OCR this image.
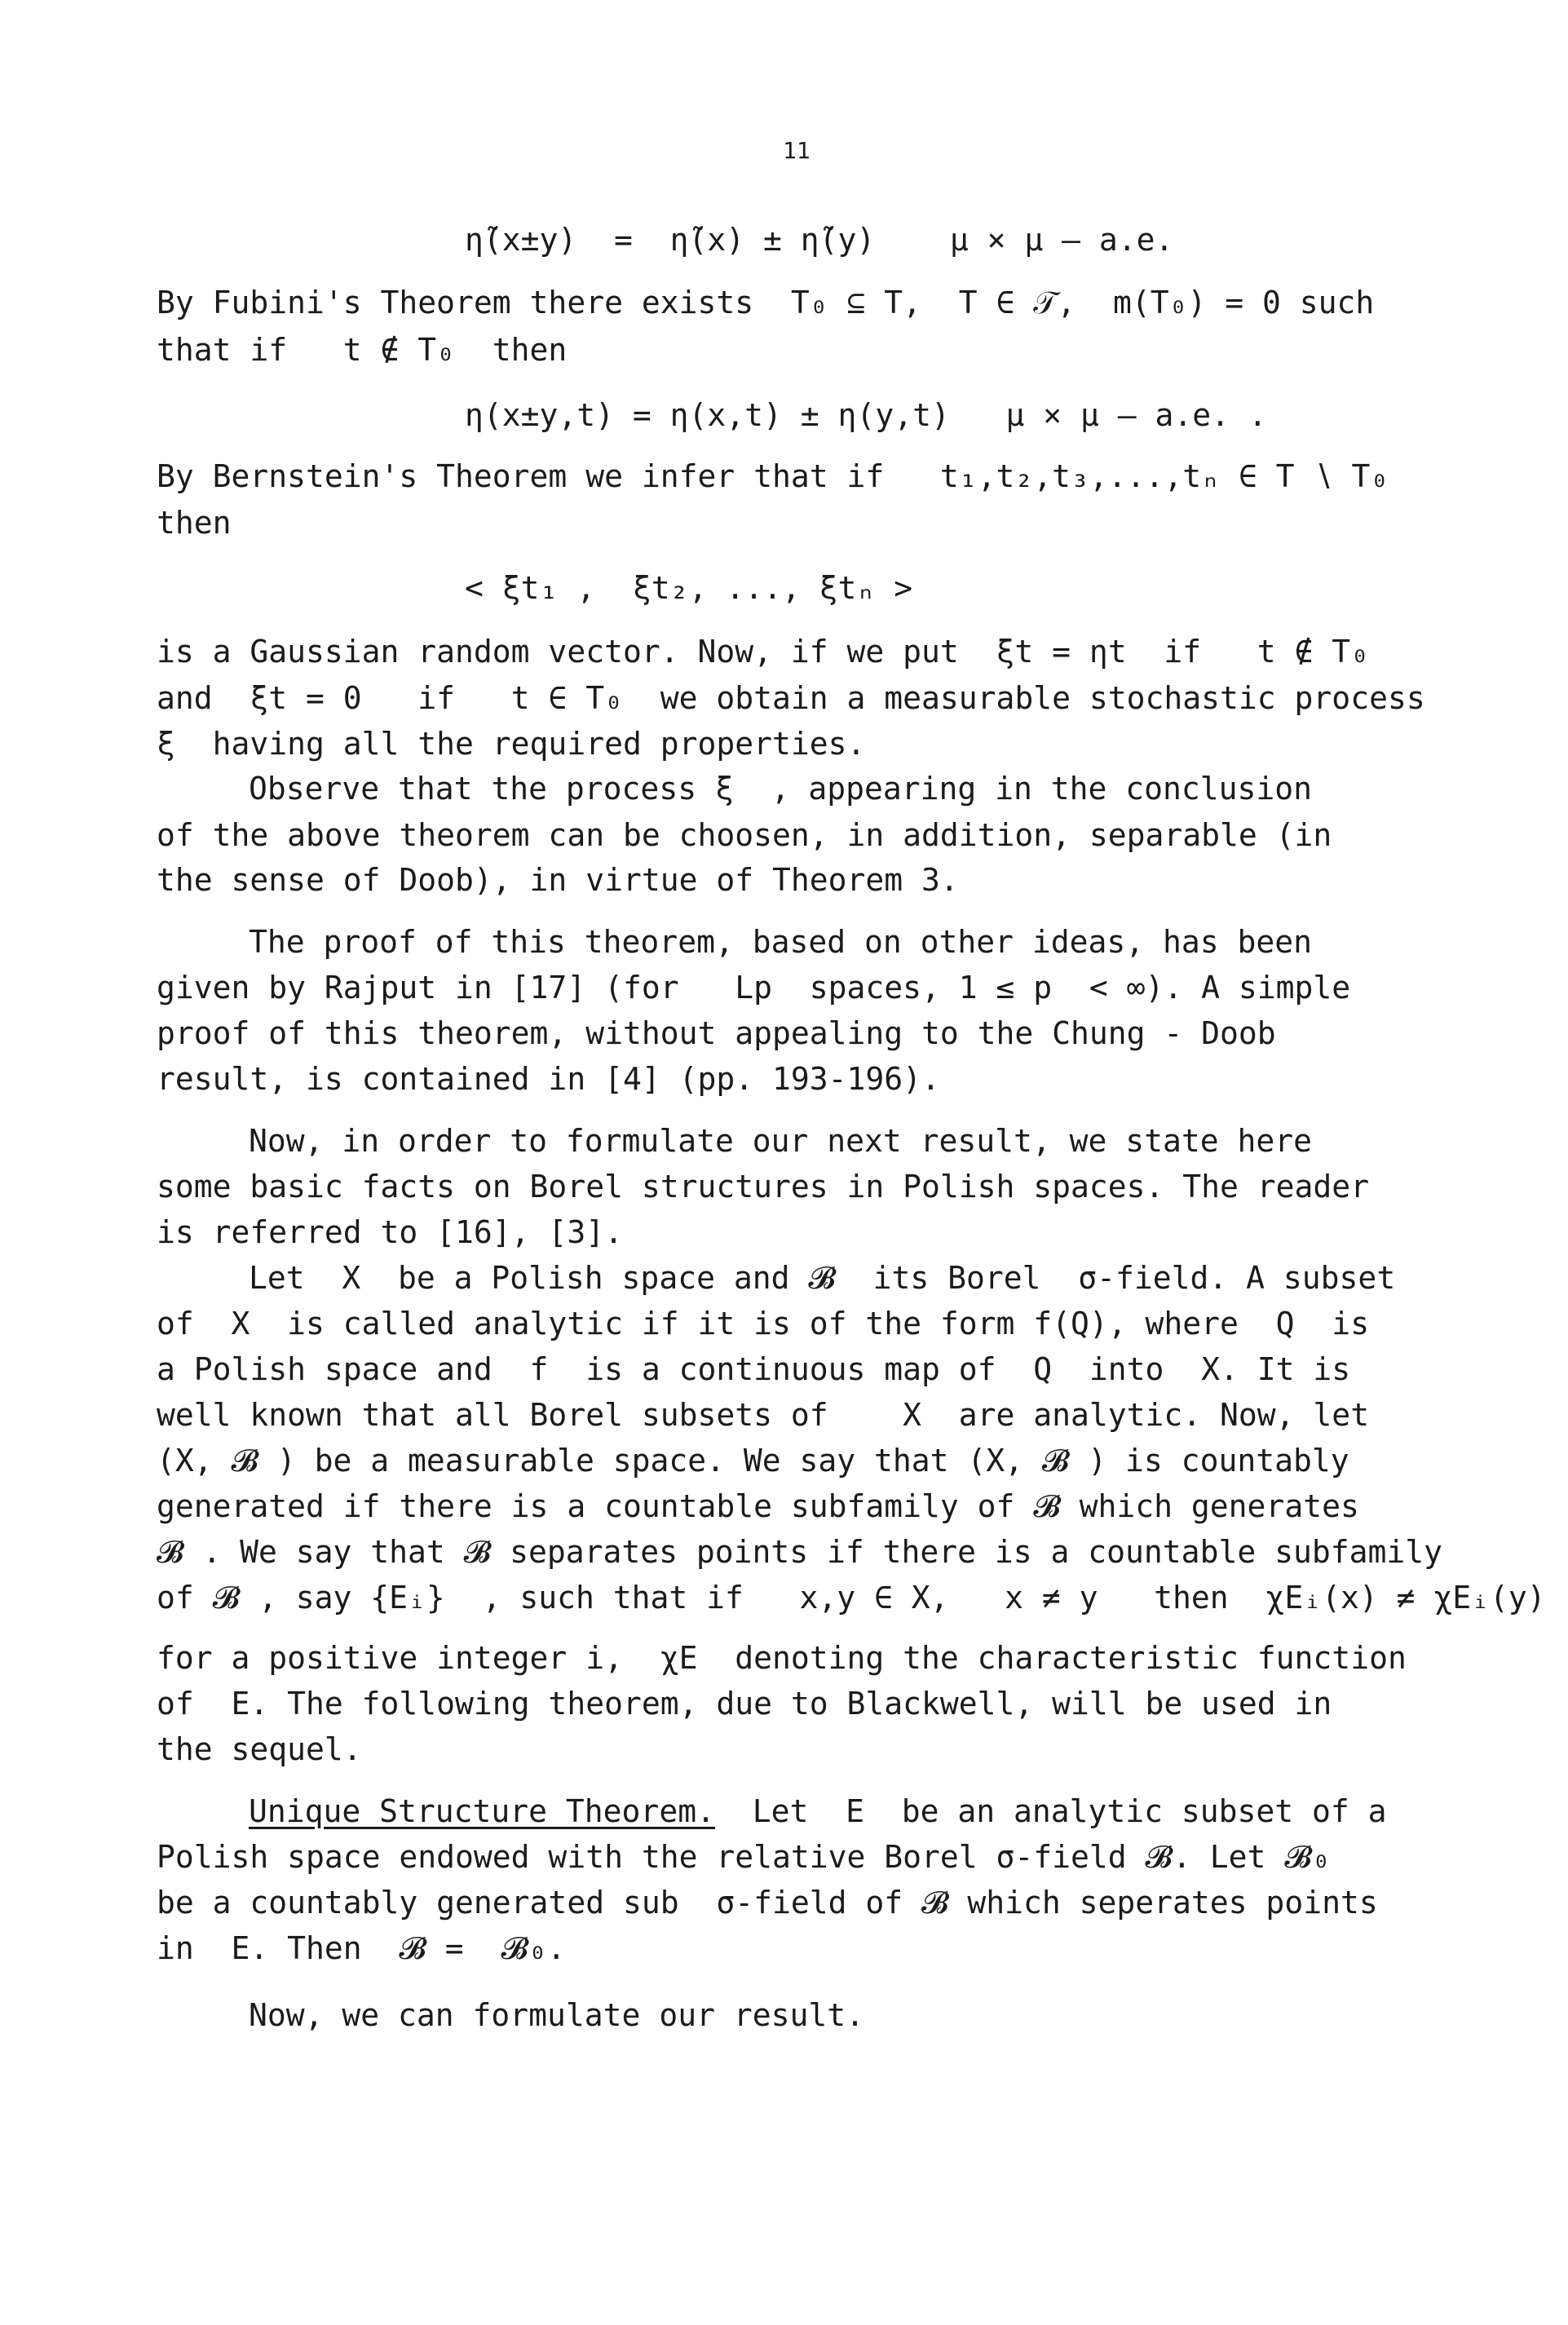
11
η̃(x±y)  =  η̃(x) ± η̃(y)    μ × μ – a.e.
By Fubini's Theorem there exists  T₀ ⊆ T,  T ∈ 𝒯,  m(T₀) = 0 such
that if   t ∉ T₀  then
η(x±y,t) = η(x,t) ± η(y,t)   μ × μ – a.e. .
By Bernstein's Theorem we infer that if   t₁,t₂,t₃,...,tₙ ∈ T ∖ T₀
then
< ξt₁ ,  ξt₂, ..., ξtₙ >
is a Gaussian random vector. Now, if we put  ξt = ηt  if   t ∉ T₀
and  ξt = 0   if   t ∈ T₀  we obtain a measurable stochastic process
ξ  having all the required properties.
Observe that the process ξ  , appearing in the conclusion
of the above theorem can be choosen, in addition, separable (in
the sense of Doob), in virtue of Theorem 3.
The proof of this theorem, based on other ideas, has been
given by Rajput in [17] (for   Lp  spaces, 1 ≤ p  < ∞). A simple
proof of this theorem, without appealing to the Chung - Doob
result, is contained in [4] (pp. 193-196).
Now, in order to formulate our next result, we state here
some basic facts on Borel structures in Polish spaces. The reader
is referred to [16], [3].
Let  X  be a Polish space and 𝓑  its Borel  σ-field. A subset
of  X  is called analytic if it is of the form f(Q), where  Q  is
a Polish space and  f  is a continuous map of  Q  into  X. It is
well known that all Borel subsets of    X  are analytic. Now, let
(X, 𝓑 ) be a measurable space. We say that (X, 𝓑 ) is countably
generated if there is a countable subfamily of 𝓑 which generates
𝓑 . We say that 𝓑 separates points if there is a countable subfamily
of 𝓑 , say {Eᵢ}  , such that if   x,y ∈ X,   x ≠ y   then  χEᵢ(x) ≠ χEᵢ(y)
for a positive integer i,  χE  denoting the characteristic function
of  E. The following theorem, due to Blackwell, will be used in
the sequel.
Unique Structure Theorem.  Let  E  be an analytic subset of a
Polish space endowed with the relative Borel σ-field 𝓑. Let 𝓑₀
be a countably generated sub  σ-field of 𝓑 which seperates points
in  E. Then  𝓑 =  𝓑₀.
Now, we can formulate our result.
